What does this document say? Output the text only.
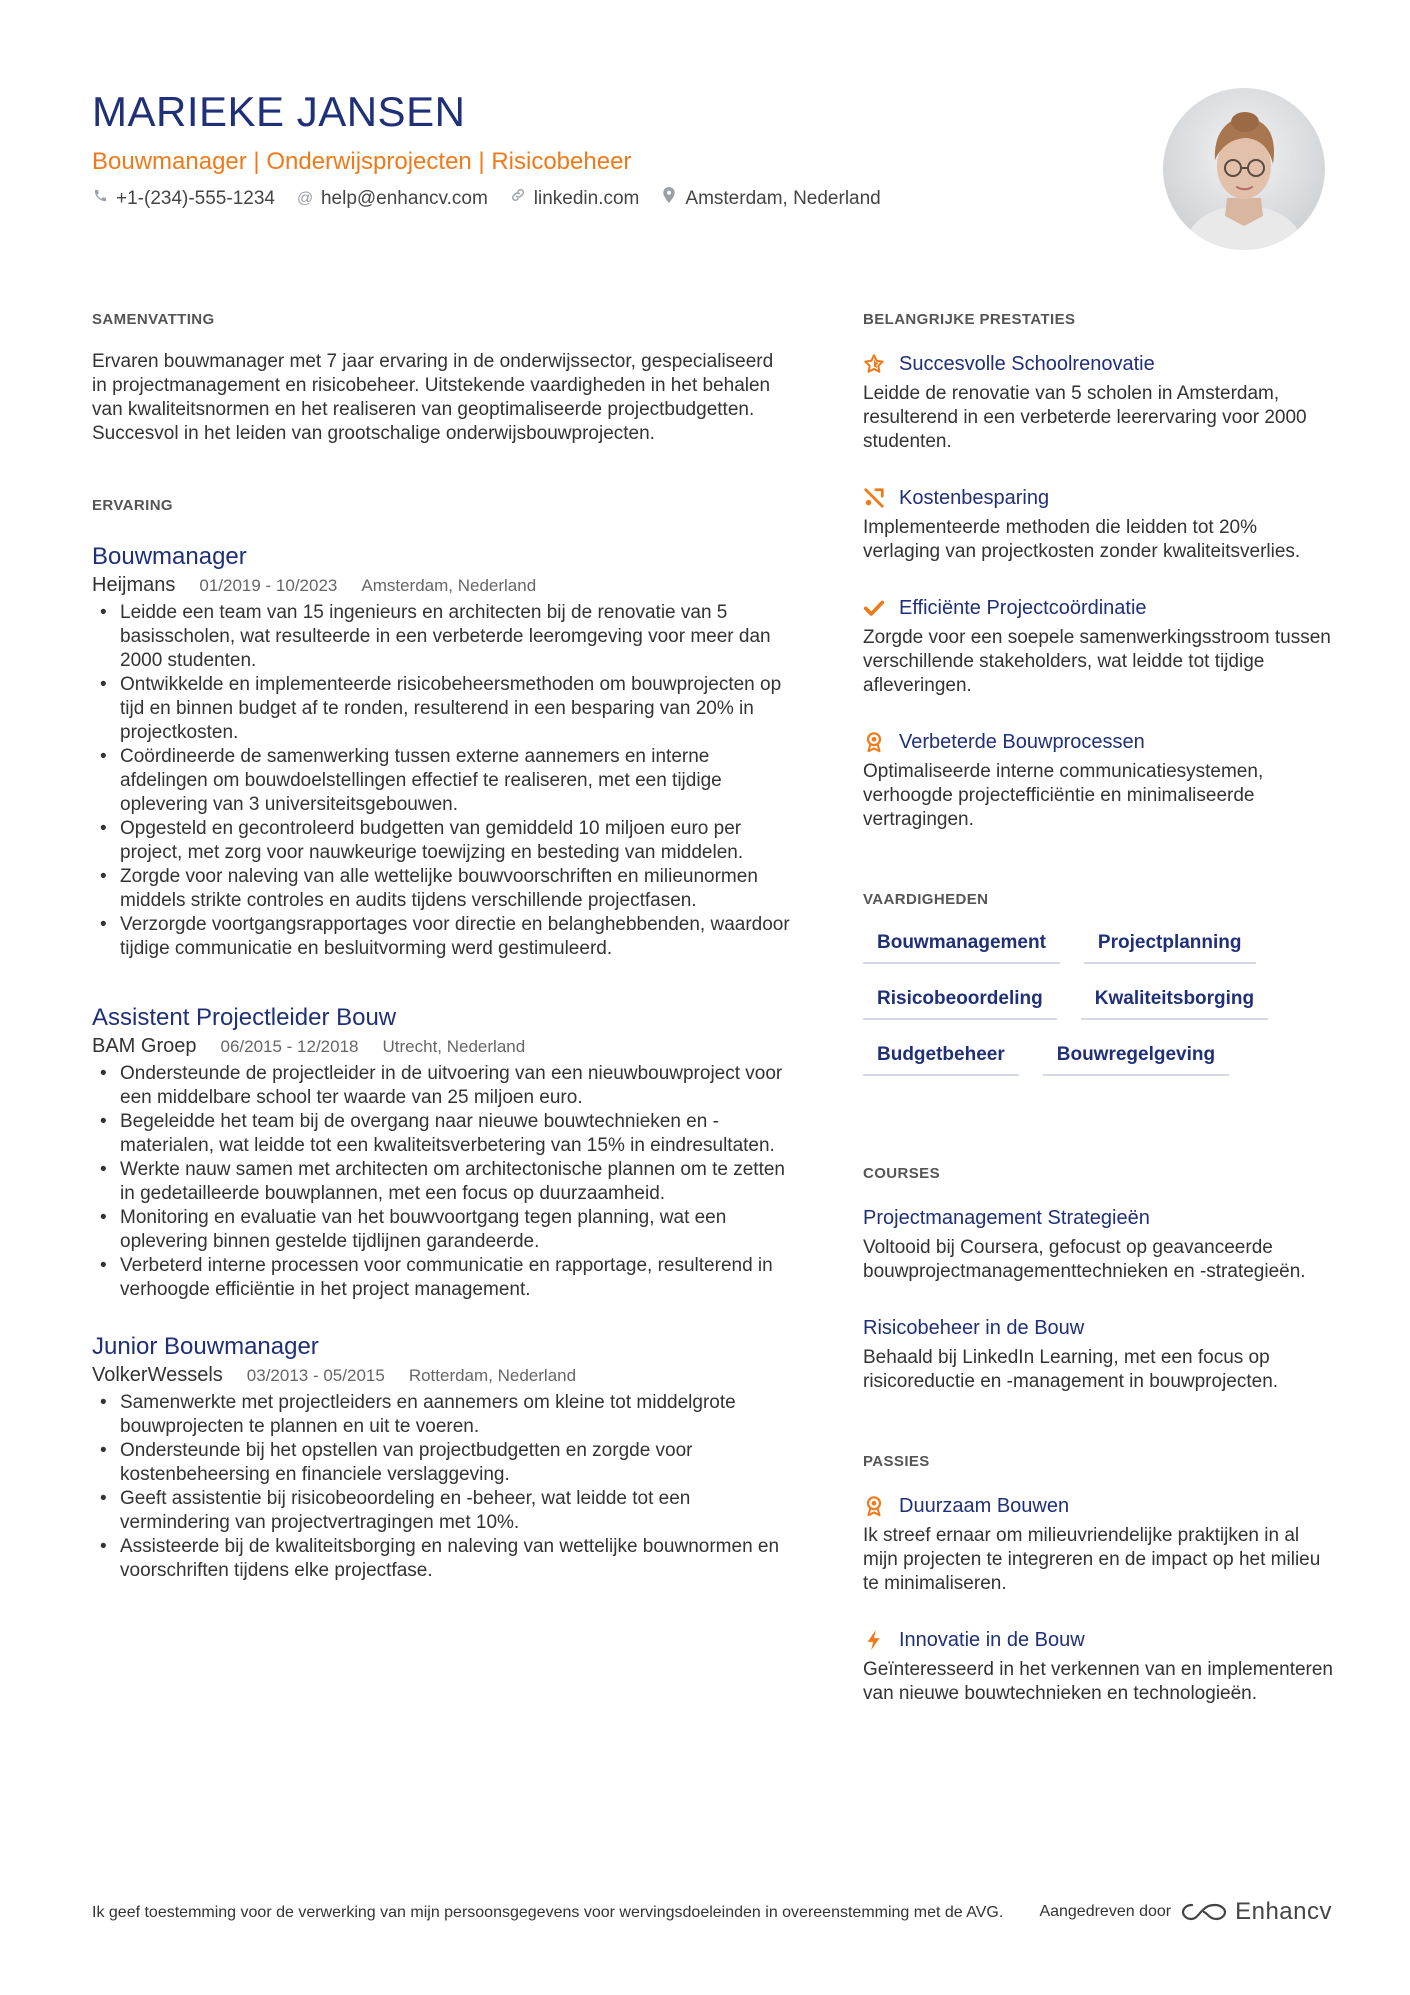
MARIEKE JANSEN
Bouwmanager | Onderwijsprojecten | Risicobeheer
+1-(234)-555-1234 @ help@enhancv.com linkedin.com Amsterdam, Nederland
SAMENVATTING

Ervaren bouwmanager met 7 jaar ervaring in de onderwijssector, gespecialiseerd in projectmanagement en risicobeheer. Uitstekende vaardigheden in het behalen van kwaliteitsnormen en het realiseren van geoptimaliseerde projectbudgetten. Succesvol in het leiden van grootschalige onderwijsbouwprojecten.

ERVARING
Bouwmanager
Heijmans 01/2019 - 10/2023 Amsterdam, Nederland
• Leidde een team van 15 ingenieurs en architecten bij de renovatie van 5 basisscholen, wat resulteerde in een verbeterde leeromgeving voor meer dan 2000 studenten.
• Ontwikkelde en implementeerde risicobeheersmethoden om bouwprojecten op tijd en binnen budget af te ronden, resulterend in een besparing van 20% in projectkosten.
• Coördineerde de samenwerking tussen externe aannemers en interne afdelingen om bouwdoelstellingen effectief te realiseren, met een tijdige oplevering van 3 universiteitsgebouwen.
• Opgesteld en gecontroleerd budgetten van gemiddeld 10 miljoen euro per project, met zorg voor nauwkeurige toewijzing en besteding van middelen.
• Zorgde voor naleving van alle wettelijke bouwvoorschriften en milieunormen middels strikte controles en audits tijdens verschillende projectfasen.
• Verzorgde voortgangsrapportages voor directie en belanghebbenden, waardoor tijdige communicatie en besluitvorming werd gestimuleerd.
Assistent Projectleider Bouw
BAM Groep 06/2015 - 12/2018 Utrecht, Nederland
• Ondersteunde de projectleider in de uitvoering van een nieuwbouwproject voor een middelbare school ter waarde van 25 miljoen euro.
• Begeleidde het team bij de overgang naar nieuwe bouwtechnieken en -materialen, wat leidde tot een kwaliteitsverbetering van 15% in eindresultaten.
• Werkte nauw samen met architecten om architectonische plannen om te zetten in gedetailleerde bouwplannen, met een focus op duurzaamheid.
• Monitoring en evaluatie van het bouwvoortgang tegen planning, wat een oplevering binnen gestelde tijdlijnen garandeerde.
• Verbeterd interne processen voor communicatie en rapportage, resulterend in verhoogde efficiëntie in het project management.
Junior Bouwmanager
VolkerWessels 03/2013 - 05/2015 Rotterdam, Nederland
• Samenwerkte met projectleiders en aannemers om kleine tot middelgrote bouwprojecten te plannen en uit te voeren.
• Ondersteunde bij het opstellen van projectbudgetten en zorgde voor kostenbeheersing en financiele verslaggeving.
• Geeft assistentie bij risicobeoordeling en -beheer, wat leidde tot een vermindering van projectvertragingen met 10%.
• Assisteerde bij de kwaliteitsborging en naleving van wettelijke bouwnormen en voorschriften tijdens elke projectfase.
BELANGRIJKE PRESTATIES
Succesvolle Schoolrenovatie

Leidde de renovatie van 5 scholen in Amsterdam, resulterend in een verbeterde leerervaring voor 2000 studenten.

Kostenbesparing

Implementeerde methoden die leidden tot 20% verlaging van projectkosten zonder kwaliteitsverlies.

Efficiënte Projectcoördinatie

Zorgde voor een soepele samenwerkingsstroom tussen verschillende stakeholders, wat leidde tot tijdige afleveringen.

Verbeterde Bouwprocessen

Optimaliseerde interne communicatiesystemen, verhoogde projectefficiëntie en minimaliseerde vertragingen.

VAARDIGHEDEN
Bouwmanagement	Projectplanning
Risicobeoordeling	Kwaliteitsborging
Budgetbeheer	Bouwregelgeving
COURSES
Projectmanagement Strategieën

Voltooid bij Coursera, gefocust op geavanceerde bouwprojectmanagementtechnieken en -strategieën.

Risicobeheer in de Bouw

Behaald bij LinkedIn Learning, met een focus op risicoreductie en -management in bouwprojecten.

PASSIES
Duurzaam Bouwen

Ik streef ernaar om milieuvriendelijke praktijken in al mijn projecten te integreren en de impact op het milieu te minimaliseren.

Innovatie in de Bouw

Geïnteresseerd in het verkennen van en implementeren van nieuwe bouwtechnieken en technologieën.

Ik geef toestemming voor de verwerking van mijn persoonsgegevens voor wervingsdoeleinden in overeenstemming met de AVG.	Aangedreven door	Enhancv
